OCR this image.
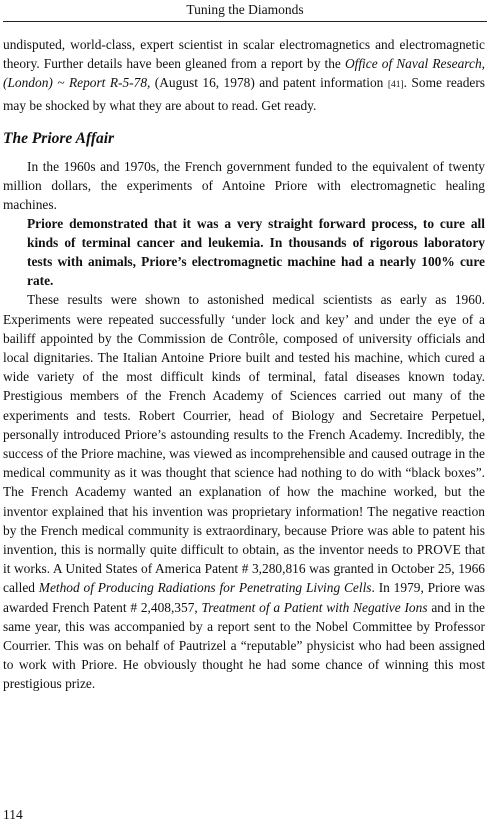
Tuning the Diamonds

undisputed, world-class, expert scientist in scalar electromagnetics and electromagnetic theory. Further details have been gleaned from a report by the Office of Naval Research, (London) ~ Report R-5-78, (August 16, 1978) and patent information [41]. Some readers may be shocked by what they are about to read. Get ready.

The Priore Affair

In the 1960s and 1970s, the French government funded to the equivalent of twenty million dollars, the experiments of Antoine Priore with electromagnetic healing machines.

Priore demonstrated that it was a very straight forward process, to cure all kinds of terminal cancer and leukemia. In thousands of rigorous laboratory tests with animals, Priore’s electromagnetic machine had a nearly 100% cure rate.

These results were shown to astonished medical scientists as early as 1960. Experiments were repeated successfully ‘under lock and key’ and under the eye of a bailiff appointed by the Commission de Contrôle, composed of university officials and local dignitaries. The Italian Antoine Priore built and tested his machine, which cured a wide variety of the most difficult kinds of terminal, fatal diseases known today. Prestigious members of the French Academy of Sciences carried out many of the experiments and tests. Robert Courrier, head of Biology and Secretaire Perpetuel, personally introduced Priore’s astounding results to the French Academy. Incredibly, the success of the Priore machine, was viewed as incomprehensible and caused outrage in the medical community as it was thought that science had nothing to do with “black boxes”. The French Academy wanted an explanation of how the machine worked, but the inventor explained that his invention was proprietary information! The negative reaction by the French medical community is extraordinary, because Priore was able to patent his invention, this is normally quite difficult to obtain, as the inventor needs to PROVE that it works. A United States of America Patent # 3,280,816 was granted in October 25, 1966 called Method of Producing Radiations for Penetrating Living Cells. In 1979, Priore was awarded French Patent # 2,408,357, Treatment of a Patient with Negative Ions and in the same year, this was accompanied by a report sent to the Nobel Committee by Professor Courrier. This was on behalf of Pautrizel a “reputable” physicist who had been assigned to work with Priore. He obviously thought he had some chance of winning this most prestigious prize.

114
